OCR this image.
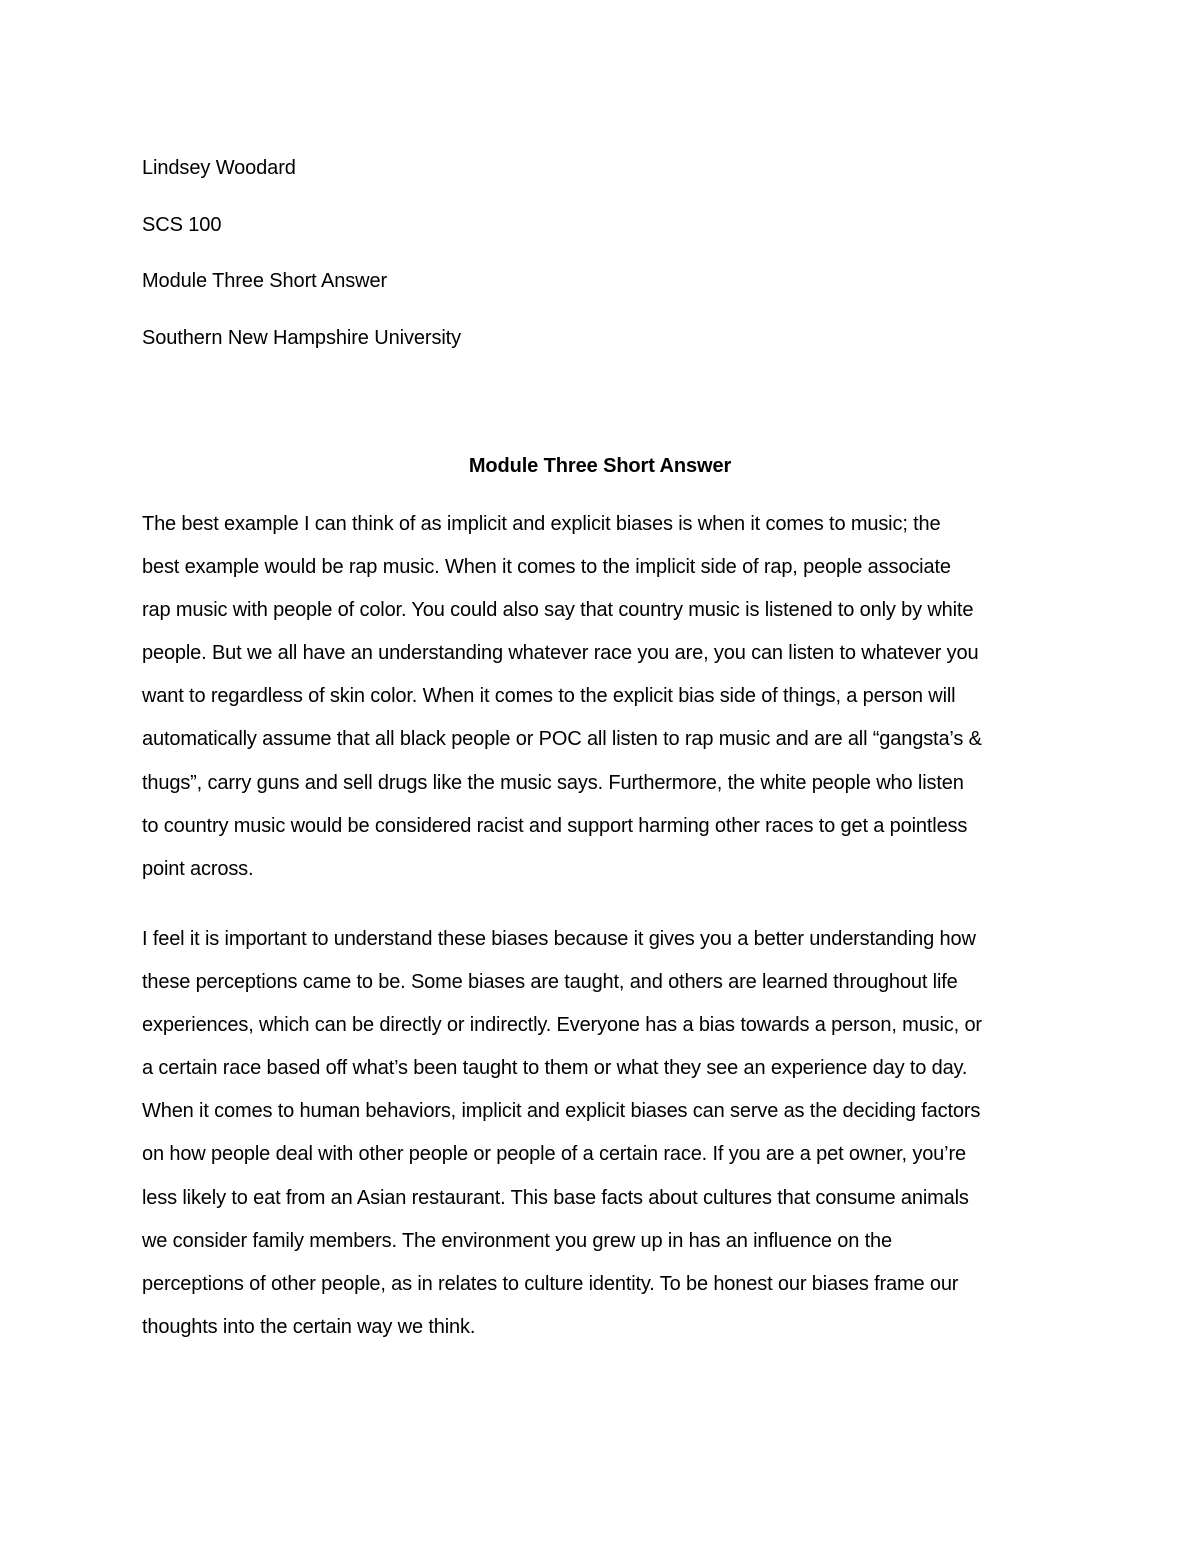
Lindsey Woodard
SCS 100
Module Three Short Answer
Southern New Hampshire University
Module Three Short Answer
The best example I can think of as implicit and explicit biases is when it comes to music; the
best example would be rap music. When it comes to the implicit side of rap, people associate
rap music with people of color. You could also say that country music is listened to only by white
people. But we all have an understanding whatever race you are, you can listen to whatever you
want to regardless of skin color. When it comes to the explicit bias side of things, a person will
automatically assume that all black people or POC all listen to rap music and are all “gangsta’s &
thugs”, carry guns and sell drugs like the music says. Furthermore, the white people who listen
to country music would be considered racist and support harming other races to get a pointless
point across.
I feel it is important to understand these biases because it gives you a better understanding how
these perceptions came to be. Some biases are taught, and others are learned throughout life
experiences, which can be directly or indirectly. Everyone has a bias towards a person, music, or
a certain race based off what’s been taught to them or what they see an experience day to day.
When it comes to human behaviors, implicit and explicit biases can serve as the deciding factors
on how people deal with other people or people of a certain race. If you are a pet owner, you’re
less likely to eat from an Asian restaurant. This base facts about cultures that consume animals
we consider family members. The environment you grew up in has an influence on the
perceptions of other people, as in relates to culture identity. To be honest our biases frame our
thoughts into the certain way we think.
